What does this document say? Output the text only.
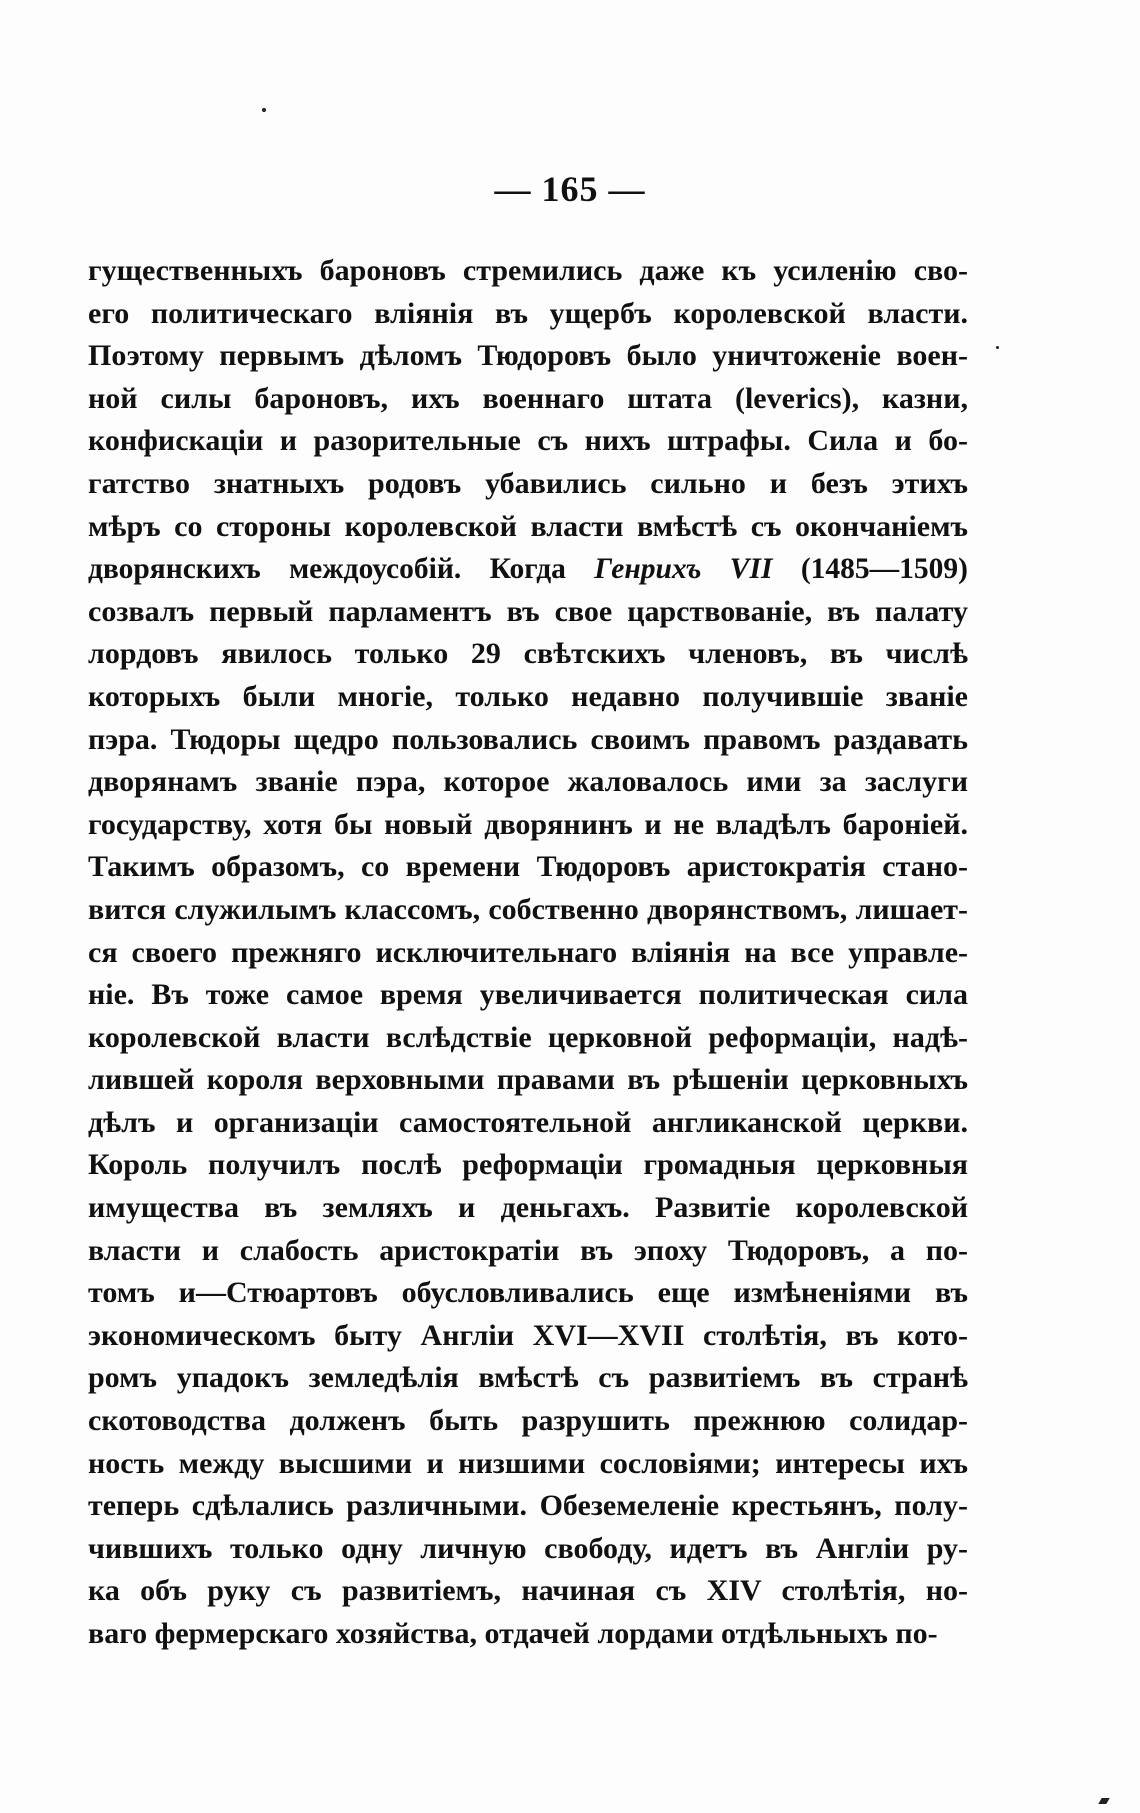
— 165 —
гущественныхъ бароновъ стремились даже къ усиленію сво-
его политическаго вліянія въ ущербъ королевской власти.
Поэтому первымъ дѣломъ Тюдоровъ было уничтоженіе воен-
ной силы бароновъ, ихъ военнаго штата (leverics), казни,
конфискаціи и разорительные съ нихъ штрафы. Сила и бо-
гатство знатныхъ родовъ убавились сильно и безъ этихъ
мѣръ со стороны королевской власти вмѣстѣ съ окончаніемъ
дворянскихъ междоусобій. Когда Генрихъ VII (1485—1509)
созвалъ первый парламентъ въ свое царствованіе, въ палату
лордовъ явилось только 29 свѣтскихъ членовъ, въ числѣ
которыхъ были многіе, только недавно получившіе званіе
пэра. Тюдоры щедро пользовались своимъ правомъ раздавать
дворянамъ званіе пэра, которое жаловалось ими за заслуги
государству, хотя бы новый дворянинъ и не владѣлъ бароніей.
Такимъ образомъ, со времени Тюдоровъ аристократія стано-
вится служилымъ классомъ, собственно дворянствомъ, лишает-
ся своего прежняго исключительнаго вліянія на все управле-
ніе. Въ тоже самое время увеличивается политическая сила
королевской власти вслѣдствіе церковной реформаціи, надѣ-
лившей короля верховными правами въ рѣшеніи церковныхъ
дѣлъ и организаціи самостоятельной англиканской церкви.
Король получилъ послѣ реформаціи громадныя церковныя
имущества въ земляхъ и деньгахъ. Развитіе королевской
власти и слабость аристократіи въ эпоху Тюдоровъ, а по-
томъ и—Стюартовъ обусловливались еще измѣненіями въ
экономическомъ быту Англіи XVI—XVII столѣтія, въ кото-
ромъ упадокъ земледѣлія вмѣстѣ съ развитіемъ въ странѣ
скотоводства долженъ быть разрушить прежнюю солидар-
ность между высшими и низшими сословіями; интересы ихъ
теперь сдѣлались различными. Обеземеленіе крестьянъ, полу-
чившихъ только одну личную свободу, идетъ въ Англіи ру-
ка объ руку съ развитіемъ, начиная съ XIV столѣтія, но-
ваго фермерскаго хозяйства, отдачей лордами отдѣльныхъ по-
